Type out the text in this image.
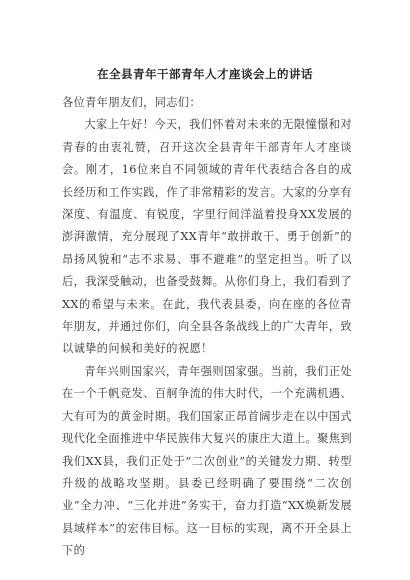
在全县青年干部青年人才座谈会上的讲话

各位青年朋友们，同志们：

大家上午好！今天，我们怀着对未来的无限憧憬和对青春的由衷礼赞，召开这次全县青年干部青年人才座谈会。刚才，16位来自不同领域的青年代表结合各自的成长经历和工作实践，作了非常精彩的发言。大家的分享有深度、有温度、有锐度，字里行间洋溢着投身XX发展的澎湃激情，充分展现了XX青年“敢拼敢干、勇于创新”的昂扬风貌和“志不求易、事不避难”的坚定担当。听了以后，我深受触动，也备受鼓舞。从你们身上，我们看到了XX的希望与未来。在此，我代表县委，向在座的各位青年朋友，并通过你们，向全县各条战线上的广大青年，致以诚挚的问候和美好的祝愿！

青年兴则国家兴，青年强则国家强。当前，我们正处在一个千帆竞发、百舸争流的伟大时代，一个充满机遇、大有可为的黄金时期。我们国家正昂首阔步走在以中国式现代化全面推进中华民族伟大复兴的康庄大道上。聚焦到我们XX县，我们正处于“二次创业”的关键发力期、转型升级的战略攻坚期。县委已经明确了要围绕“二次创业”全力冲、“三化并进”务实干，奋力打造“XX焕新发展县域样本”的宏伟目标。这一目标的实现，离不开全县上下的
